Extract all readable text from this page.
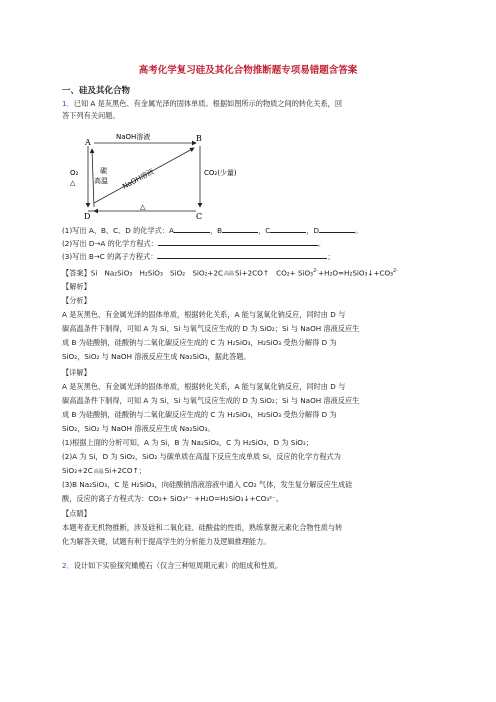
高考化学复习硅及其化合物推断题专项易错题含答案
一、硅及其化合物
1．已知 A 是灰黑色、有金属光泽的固体单质。根据如图所示的物质之间的转化关系，回
答下列有关问题。
A	B
C
D
NaOH溶液
O₂
△
碳
高温 NaOH溶液	CO₂(少量)
△
(1)写出 A、B、C、D 的化学式：A	，B	，C	，D	。
(2)写出 D→A 的化学方程式：	。
(3)写出 B→C 的离子方程式：	；
【答案】Si　Na₂SiO₃　H₂SiO₃　SiO₂　SiO₂+2C高温Si+2CO↑　CO₂+ SiO₃$^{2-}$+H₂O=H₂SiO₃↓+CO₃$^{2-}$
【解析】
【分析】
A 是灰黑色、有金属光泽的固体单质，根据转化关系，A 能与氢氧化钠反应，同时由 D 与
碳高温条件下制得，可知 A 为 Si，Si 与氧气反应生成的 D 为 SiO₂；Si 与 NaOH 溶液反应生
成 B 为硅酸钠，硅酸钠与二氧化碳反应生成的 C 为 H₂SiO₃，H₂SiO₃ 受热分解得 D 为
SiO₂，SiO₂ 与 NaOH 溶液反应生成 Na₂SiO₃，据此答题。
【详解】
A 是灰黑色、有金属光泽的固体单质，根据转化关系，A 能与氢氧化钠反应，同时由 D 与
碳高温条件下制得，可知 A 为 Si，Si 与氧气反应生成的 D 为 SiO₂；Si 与 NaOH 溶液反应生
成 B 为硅酸钠，硅酸钠与二氧化碳反应生成的 C 为 H₂SiO₃，H₂SiO₃ 受热分解得 D 为
SiO₂，SiO₂ 与 NaOH 溶液反应生成 Na₂SiO₃。
(1)根据上面的分析可知，A 为 Si，B 为 Na₂SiO₃，C 为 H₂SiO₃，D 为 SiO₂；
(2)A 为 Si，D 为 SiO₂，SiO₂ 与碳单质在高温下反应生成单质 Si，反应的化学方程式为
SiO₂+2C高温Si+2CO↑；
(3)B Na₂SiO₃，C 是 H₂SiO₃，向硅酸钠溶液溶液中通入 CO₂ 气体，发生复分解反应生成硅
酸，反应的离子方程式为：CO₂+ SiO₃²⁻ +H₂O=H₂SiO₃↓+CO₃²⁻。
【点睛】
本题考查无机物推断，涉及硅和二氧化硅、硅酸盐的性质，熟练掌握元素化合物性质与转
化为解答关键，试题有利于提高学生的分析能力及逻辑推理能力。
2．设计如下实验探究橄榄石（仅含三种短周期元素）的组成和性质。
